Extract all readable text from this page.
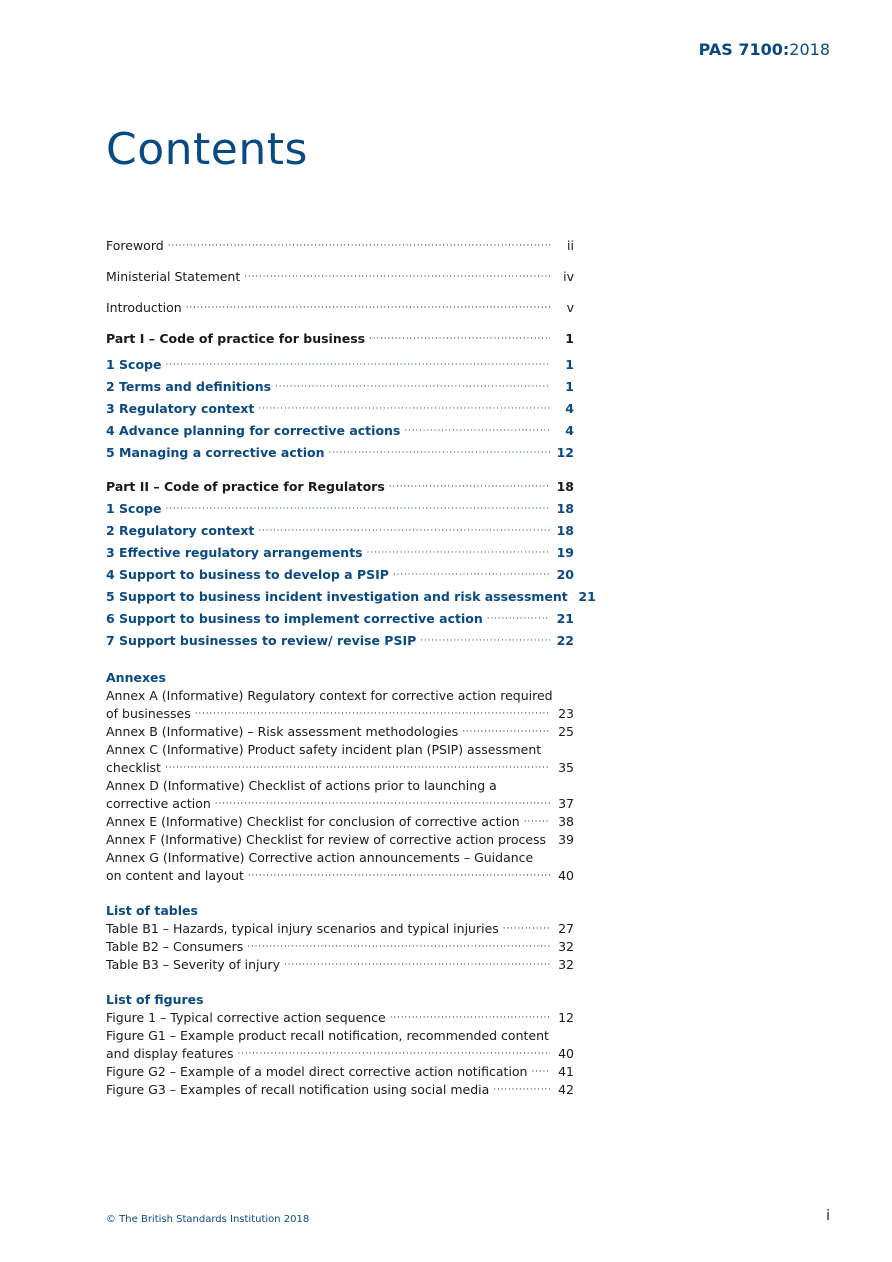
PAS 7100:2018
Contents
Foreword ·····	ii
Ministerial Statement ·····	iv
Introduction ·····	v
Part I – Code of practice for business ·····	1
1 Scope ·····	1
2 Terms and definitions ·····	1
3 Regulatory context ·····	4
4 Advance planning for corrective actions ·····	4
5 Managing a corrective action ·····	12
Part II – Code of practice for Regulators ·····	18
1 Scope ·····	18
2 Regulatory context ·····	18
3 Effective regulatory arrangements ·····	19
4 Support to business to develop a PSIP ·····	20
5 Support to business incident investigation and risk assessment 21
6 Support to business to implement corrective action ·····	21
7 Support businesses to review/ revise PSIP ·····	22
Annexes
Annex A (Informative) Regulatory context for corrective action required
of businesses ·····	23
Annex B (Informative) – Risk assessment methodologies ·····	25
Annex C (Informative) Product safety incident plan (PSIP) assessment
checklist ·····	35
Annex D (Informative) Checklist of actions prior to launching a
corrective action ·····	37
Annex E (Informative) Checklist for conclusion of corrective action ·····	38
Annex F (Informative) Checklist for review of corrective action process 39
Annex G (Informative) Corrective action announcements – Guidance
on content and layout ·····	40
List of tables
Table B1 – Hazards, typical injury scenarios and typical injuries ·····	27
Table B2 – Consumers ·····	32
Table B3 – Severity of injury ·····	32
List of figures
Figure 1 – Typical corrective action sequence ·····	12
Figure G1 – Example product recall notification, recommended content
and display features ·····	40
Figure G2 – Example of a model direct corrective action notification ·····	41
Figure G3 – Examples of recall notification using social media ·····	42
© The British Standards Institution 2018	i
